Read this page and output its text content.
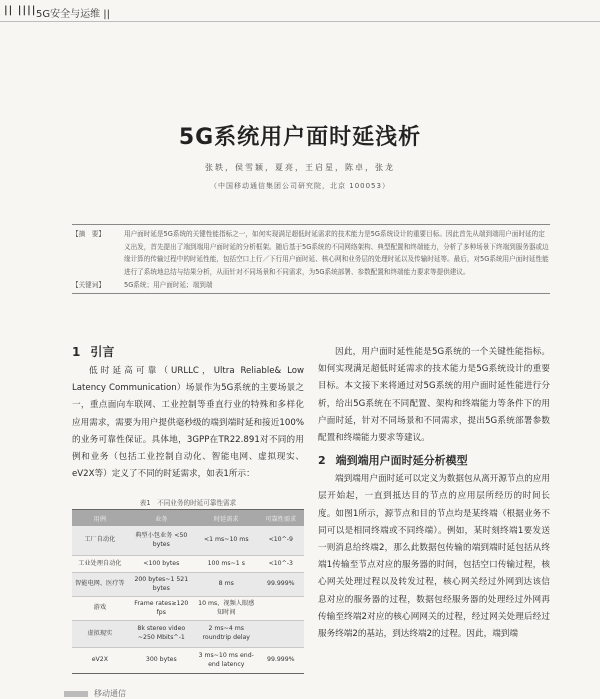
|| |||| 5G安全与运维 ||
5G系统用户面时延浅析
张轶，侯雪颖，夏亮，王启星，陈卓，张龙
（中国移动通信集团公司研究院，北京 100053）
【摘　要】	用户面时延是5G系统的关键性能指标之一，如何实现满足超低时延需求的技术能力是5G系统设计的重要目标。因此首先从端到端用户面时延的定义出发，首先提出了端到端用户面时延的分析框架。随后基于5G系统的不同网络架构、典型配置和终端能力，分析了多种场景下终端到服务器或边缘计算的传输过程中的时延性能，包括空口上行／下行用户面时延、核心网和业务层的处理时延以及传输时延等。最后，对5G系统用户面时延性能进行了系统地总结与结果分析，从而针对不同场景和不同需求，为5G系统部署、参数配置和终端能力要求等提供建议。
【关键词】	5G系统；用户面时延；端到端
1 引言

低时延高可靠（URLLC，Ultra Reliable& Low Latency Communication）场景作为5G系统的主要场景之一，重点面向车联网、工业控制等垂直行业的特殊和多样化应用需求，需要为用户提供毫秒级的端到端时延和接近100%的业务可靠性保证。具体地，3GPP在TR22.891对不同的用例和业务（包括工业控制自动化、智能电网、虚拟现实、eV2X等）定义了不同的时延需求，如表1所示：

表1　不同业务的时延可靠性需求
用例	业务	时延需求	可靠性需求
工厂自动化	典型小包业务 <50 bytes	<1 ms~10 ms	<10^-9
工业处理自动化	<100 bytes	100 ms~1 s	<10^-3
智能电网、医疗等	200 bytes~1 521 bytes	8 ms	99.999%
游戏	Frame rates≥120 fps	10 ms，视频人眼感知时间	
虚拟现实	8k stereo video ~250 Mbits^-1	2 ms~4 ms roundtrip delay	
eV2X	300 bytes	3 ms~10 ms end-end latency	99.999%

因此，用户面时延性能是5G系统的一个关键性能指标。如何实现满足超低时延需求的技术能力是5G系统设计的重要目标。本文接下来将通过对5G系统的用户面时延性能进行分析，给出5G系统在不同配置、架构和终端能力等条件下的用户面时延，针对不同场景和不同需求，提出5G系统部署参数配置和终端能力要求等建议。

2 端到端用户面时延分析模型

端到端用户面时延可以定义为数据包从离开源节点的应用层开始起，一直到抵达目的节点的应用层所经历的时间长度。如图1所示，源节点和目的节点均是某终端（根据业务不同可以是相同终端或不同终端）。例如，某时刻终端1要发送一则消息给终端2，那么此数据包传输的端到端时延包括从终端1传输至节点对应的服务器的时间，包括空口传输过程，核心网关处理过程以及转发过程，核心网关经过外网到达该信息对应的服务器的过程，数据包经服务器的处理经过外网再传输至终端2对应的核心网网关的过程，经过网关处理后经过服务终端2的基站，到达终端2的过程。因此，端到端

移动通信
